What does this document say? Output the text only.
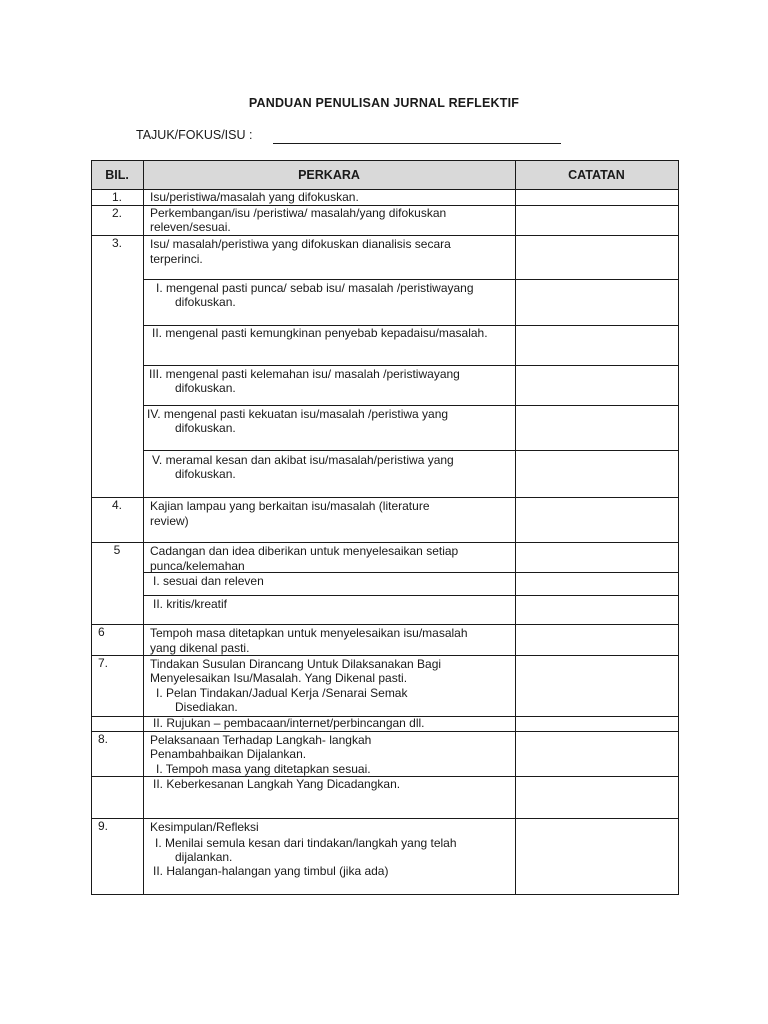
PANDUAN PENULISAN JURNAL REFLEKTIF
TAJUK/FOKUS/ISU :
BIL.	PERKARA	CATATAN
1.
2.
3.
4.
5
6
7.
8.
9.
Isu/peristiwa/masalah yang difokuskan.
Perkembangan/isu /peristiwa/ masalah/yang difokuskan
releven/sesuai.
Isu/ masalah/peristiwa yang difokuskan dianalisis secara
terperinci.
I. mengenal pasti punca/ sebab isu/ masalah /peristiwayang
difokuskan.
II. mengenal pasti kemungkinan penyebab kepadaisu/masalah.
III. mengenal pasti kelemahan isu/ masalah /peristiwayang
difokuskan.
IV. mengenal pasti kekuatan isu/masalah /peristiwa yang
difokuskan.
V. meramal kesan dan akibat isu/masalah/peristiwa yang
difokuskan.
Kajian lampau yang berkaitan isu/masalah (literature
review)
Cadangan dan idea diberikan untuk menyelesaikan setiap
punca/kelemahan
I. sesuai dan releven
II. kritis/kreatif
Tempoh masa ditetapkan untuk menyelesaikan isu/masalah
yang dikenal pasti.
Tindakan Susulan Dirancang Untuk Dilaksanakan Bagi
Menyelesaikan Isu/Masalah. Yang Dikenal pasti.
I. Pelan Tindakan/Jadual Kerja /Senarai Semak
Disediakan.
II. Rujukan – pembacaan/internet/perbincangan dll.
Pelaksanaan Terhadap Langkah- langkah
Penambahbaikan Dijalankan.
I. Tempoh masa yang ditetapkan sesuai.
II. Keberkesanan Langkah Yang Dicadangkan.
Kesimpulan/Refleksi
I. Menilai semula kesan dari tindakan/langkah yang telah
dijalankan.
II. Halangan-halangan yang timbul (jika ada)
